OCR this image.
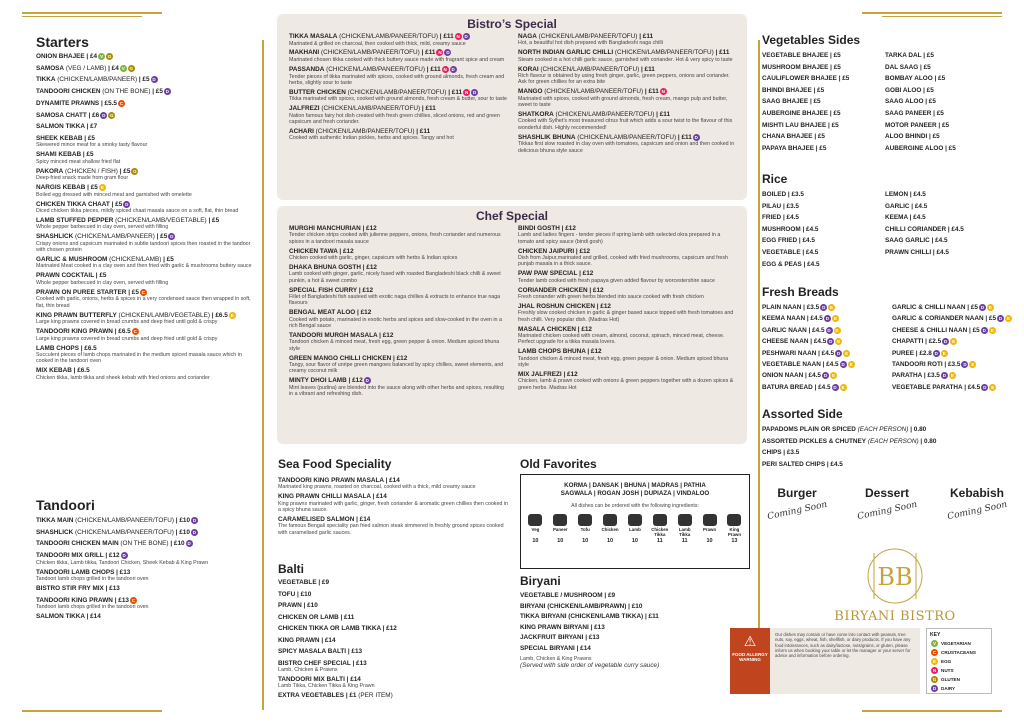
Starters
ONION BHAJEE | £4 V G
SAMOSA (VEG / LAMB) | £4 V G
TIKKA (CHICKEN/LAMB/PANEER) | £5 D
TANDOORI CHICKEN (ON THE BONE) | £5 D
DYNAMITE PRAWNS | £5.5 C
SAMOSA CHATT | £6 D G
SALMON TIKKA | £7
SHEEK KEBAB | £5
Skewered mince meat for a smoky tasty flavour
SHAMI KEBAB | £5
Spicy minced meat shallow fried flat
PAKORA (CHICKEN / FISH) | £5 G
Deep-fried snack made from gram flour
NARGIS KEBAB | £5 E
Boiled egg dressed with minced meat and garnished with omelette
CHICKEN TIKKA CHAAT | £5 D
Diced chicken tikka pieces, mildly spiced chaat masala sauce on a soft, flat, thin bread
LAMB STUFFED PEPPER (CHICKEN/LAMB/VEGETABLE) | £5
Whole pepper barbecued in clay oven, served with filling
SHASHLICK (CHICKEN/LAMB/PANEER) | £5 D
Crispy onions and capsicum marinated in subtle tandoori spices then roasted in the tandoor with chosen protein
GARLIC & MUSHROOM (CHICKEN/LAMB) | £5
Marinated Meat cooked in a clay oven and then fried with garlic & mushrooms buttery sauce
PRAWN COCKTAIL | £5
Whole pepper barbecued in clay oven, served with filling
PRAWN ON PUREE STARTER | £5 C
Cooked with garlic, onions, herbs & spices in a very condensed sauce then wrapped in soft, flat, thin bread
KING PRAWN BUTTERFLY (CHICKEN/LAMB/VEGETABLE) | £6.5 E
Large king prawns covered in bread crumbs and deep fried until gold & crispy
TANDOORI KING PRAWN | £6.5 C
Large king prawns covered in bread crumbs and deep fried until gold & crispy
LAMB CHOPS | £6.5
Succulent pieces of lamb chops marinated in the medium spiced masala sauce which in cooked in the tandoori oven
MIX KEBAB | £6.5
Chicken tikka, lamb tikka and sheek kebab with fried onions and coriander
Tandoori
TIKKA MAIN (CHICKEN/LAMB/PANEER/TOFU) | £10 D
SHASHLICK (CHICKEN/LAMB/PANEER/TOFU) | £10 D
TANDOORI CHICKEN MAIN (ON THE BONE) | £10 D
TANDOORI MIX GRILL | £12 D
Chicken tikka, Lamb tikka, Tandoori Chicken, Sheek Kebab & King Prawn
TANDOORI LAMB CHOPS | £13
Tandoori lamb chops grilled in the tandoori oven
BISTRO STIR FRY MIX | £13
TANDOORI KING PRAWN | £13 C
Tandoori lamb chops grilled in the tandoori oven
SALMON TIKKA | £14
Bistro’s Special
TIKKA MASALA (CHICKEN/LAMB/PANEER/TOFU) | £11 N D
Marinated & grilled on charcoal, then cooked with thick, mild, creamy sauce
MAKHANI (CHICKEN/LAMB/PANEER/TOFU) | £11 N D
Marinated chosen tikka cooked with thick buttery sauce made with fragrant spice and cream
PASSANDA (CHICKEN/LAMB/PANEER/TOFU) | £11 N D
Tender pieces of tikka marinated with spices, cooked with ground almonds, fresh cream and herbs, slightly sour to taste
BUTTER CHICKEN (CHICKEN/LAMB/PANEER/TOFU) | £11 N D
Tikka marinated with spices, cooked with ground almonds, fresh cream & butter, sour to taste
JALFREZI (CHICKEN/LAMB/PANEER/TOFU) | £11
Nation famous fairy hot dish created with fresh green chillies, sliced onions, red and green capsicum and fresh coriander.
ACHARI (CHICKEN/LAMB/PANEER/TOFU) | £11
Cooked with authentic Indian pickles, herbs and spices. Tangy and hot
NAGA (CHICKEN/LAMB/PANEER/TOFU) | £11
Hot, a beautiful hot dish prepared with Bangladeshi naga chilli
NORTH INDIAN GARLIC CHILLI (CHICKEN/LAMB/PANEER/TOFU) | £11
Steam cooked in a hot chilli garlic sauce, garnished with coriander. Hot & very spicy to taste
KORAI (CHICKEN/LAMB/PANEER/TOFU) | £11
Rich flavour is obtained by using fresh ginger, garlic, green peppers, onions and coriander. Ask for green chillies for an extra bite
MANGO (CHICKEN/LAMB/PANEER/TOFU) | £11 N
Marinated with spices, cooked with ground almonds, fresh cream, mango pulp and butter, sweet to taste
SHATKORA (CHICKEN/LAMB/PANEER/TOFU) | £11
Cooked with Sylhet’s most treasured citrus fruit which adds a sour twist to the flavour of this wonderful dish. Highly recommended!
SHASHLIK BHUNA (CHICKEN/LAMB/PANEER/TOFU) | £11 D
Tikkas first slow roasted in clay oven with tomatoes, capsicum and onion and then cooked in delicious bhuna style sauce
Chef Special
MURGHI MANCHURIAN | £12
Tender chicken strips cooked with julienne peppers, onions, fresh coriander and numerous spices in a tandoori masala sauce
CHICKEN TAWA | £12
Chicken cooked with garlic, ginger, capsicum with herbs & Indian spices
DHAKA BHUNA GOSTH | £12
Lamb cooked with ginger, garlic, nicely fused with roasted Bangladeshi black chilli & sweet punkin, a hot & sweet combo
SPECIAL FISH CURRY | £12
Fillet of Bangladeshi fish sauteed with exotic naga chillies & extracts to enhance true naga flavours
BENGAL MEAT ALOO | £12
Cooked with potato, marinated in exotic herbs and spices and slow-cooked in the oven in a rich Bengal sauce
TANDOORI MURGH MASALA | £12
Tandoori chicken & minced meat, fresh egg, green pepper & onion. Medium spiced bhuna style
GREEN MANGO CHILLI CHICKEN | £12
Tangy, sour flavor of unripe green mangoes balanced by spicy chillies, sweet elements, and creamy coconut milk
MINTY DHOI LAMB | £12 D
Mint leaves (pudina) are blended into the sauce along with other herbs and spices, resulting in a vibrant and refreshing dish.
BINDI GOSTH | £12
Lamb and ladies fingers - tender pieces if spring lamb with selected okra prepared in a tomato and spicy sauce (bindi gosh)
CHICKEN JAIPURI | £12
Dish from Jaipur,marinated and grilled, cooked with fried mushrooms, capsicum and fresh punjab masala in a thick sauce.
PAW PAW SPECIAL | £12
Tender lamb cooked with fresh papaya given added flavour by worcestershire sauce
CORIANDER CHICKEN | £12
Fresh coriander with green herbs blended into sauce cooked with fresh chicken
JHAL ROSHUN CHICKEN | £12
Freshly slow cooked chicken in garlic & ginger based sauce topped with fresh tomatoes and fresh chilli. Very popular dish. (Madras Hot)
MASALA CHICKEN | £12
Marinated chicken cooked with cream, almond, coconut, spinach, minced meat, cheese. Perfect upgrade for a tikka masala lovers.
LAMB CHOPS BHUNA | £12
Tandoori chicken & minced meat, fresh egg, green pepper & onion. Medium spiced bhuna style
MIX JALFREZI | £12
Chicken, lamb & prawn cooked with onions & green peppers together with a dozen spices & green herbs. Madras Hot
Sea Food Speciality
TANDOORI KING PRAWN MASALA | £14
Marinated king prawns, roasted on charcoal, cooked with a thick, mild creamy sauce
KING PRAWN CHILLI MASALA | £14
King prawns marinated with garlic, ginger, fresh coriander & aromatic green chillies then cooked in a spicy bhuna sauce.
CARAMELISED SALMON | £14
The famous Bengali speciality pan fried salmon steak simmered in freshly ground spices cooked with caramelised garlic sauces.
Balti
VEGETABLE | £9
TOFU | £10
PRAWN | £10
CHICKEN OR LAMB | £11
CHICKEN TIKKA OR LAMB TIKKA | £12
KING PRAWN | £14
SPICY MASALA BALTI | £13
BISTRO CHEF SPECIAL | £13
Lamb, Chicken & Prawns
TANDOORI MIX BALTI | £14
Lamb Tikka, Chicken Tikka & King Prawn
EXTRA VEGETABLES | £1 (PER ITEM)
Old Favorites
KORMA | DANSAK | BHUNA | MADRAS | PATHIA
SAGWALA | ROGAN JOSH | DUPIAZA | VINDALOO
All dishes can be ordered with the following ingredients:
Veg
10
Paneer
10
Tofu
10
Chicken
10
Lamb
10
Chicken Tikka
11
Lamb Tikka
11
Prawn
10
King Prawn
13
Biryani
VEGETABLE / MUSHROOM | £9
BIRYANI (CHICKEN/LAMB/PRAWN) | £10
TIKKA BIRYANI (CHICKEN/LAMB TIKKA) | £11
KING PRAWN BIRYANI | £13
JACKFRUIT BIRYANI | £13
SPECIAL BIRYANI | £14
Lamb, Chicken & King Prawns
(Served with side order of vegetable curry sauce)
Vegetables Sides
VEGETABLE BHAJEE | £5
MUSHROOM BHAJEE | £5
CAULIFLOWER BHAJEE | £5
BHINDI BHAJEE | £5
SAAG BHAJEE | £5
AUBERGINE BHAJEE | £5
MISHTI LAU BHAJEE | £5
CHANA BHAJEE | £5
PAPAYA BHAJEE | £5
TARKA DAL | £5
DAL SAAG | £5
BOMBAY ALOO | £5
GOBI ALOO | £5
SAAG ALOO | £5
SAAG PANEER | £5
MOTOR PANEER | £5
ALOO BHINDI | £5
AUBERGINE ALOO | £5
Rice
BOILED | £3.5
PILAU | £3.5
FRIED | £4.5
MUSHROOM | £4.5
EGG FRIED | £4.5
VEGETABLE | £4.5
EGG & PEAS | £4.5
LEMON | £4.5
GARLIC | £4.5
KEEMA | £4.5
CHILLI CORIANDER | £4.5
SAAG GARLIC | £4.5
PRAWN CHILLI | £4.5
Fresh Breads
PLAIN NAAN | £3.5 D E
KEEMA NAAN | £4.5 D E
GARLIC NAAN | £4.5 D E
CHEESE NAAN | £4.5 D E
PESHWARI NAAN | £4.5 D E
VEGETABLE NAAN | £4.5 D E
ONION NAAN | £4.5 D E
BATURA BREAD | £4.5 D E
GARLIC & CHILLI NAAN | £5 D E
GARLIC & CORIANDER NAAN | £5 D E
CHEESE & CHILLI NAAN | £5 D E
CHAPATTI | £2.5 D E
PUREE | £2.8 D E
TANDOORI ROTI | £3.5 D E
PARATHA | £3.5 D E
VEGETABLE PARATHA | £4.5 D E
Assorted Side
PAPADOMS PLAIN OR SPICED (EACH PERSON) | 0.80
ASSORTED PICKLES & CHUTNEY (EACH PERSON) | 0.80
CHIPS | £3.5
PERI SALTED CHIPS | £4.5
Burger
Coming Soon
Dessert
Coming Soon
Kebabish
Coming Soon
BB
BIRYANI BISTRO
⚠
FOOD ALLERGY WARNING
Our dishes may contain or have come into contact with peanuts, tree nuts, soy, eggs, wheat, fish, shellfish, or dairy products. If you have any food intolerances, such as dairy/lactose, nuts/grains, or gluten, please inform us when booking your table or let the manager or your server for advice and information before ordering.
KEY
V VEGETARIAN
C CRUSTACEANS
E EGG
N NUTS
G GLUTEN
D DAIRY
